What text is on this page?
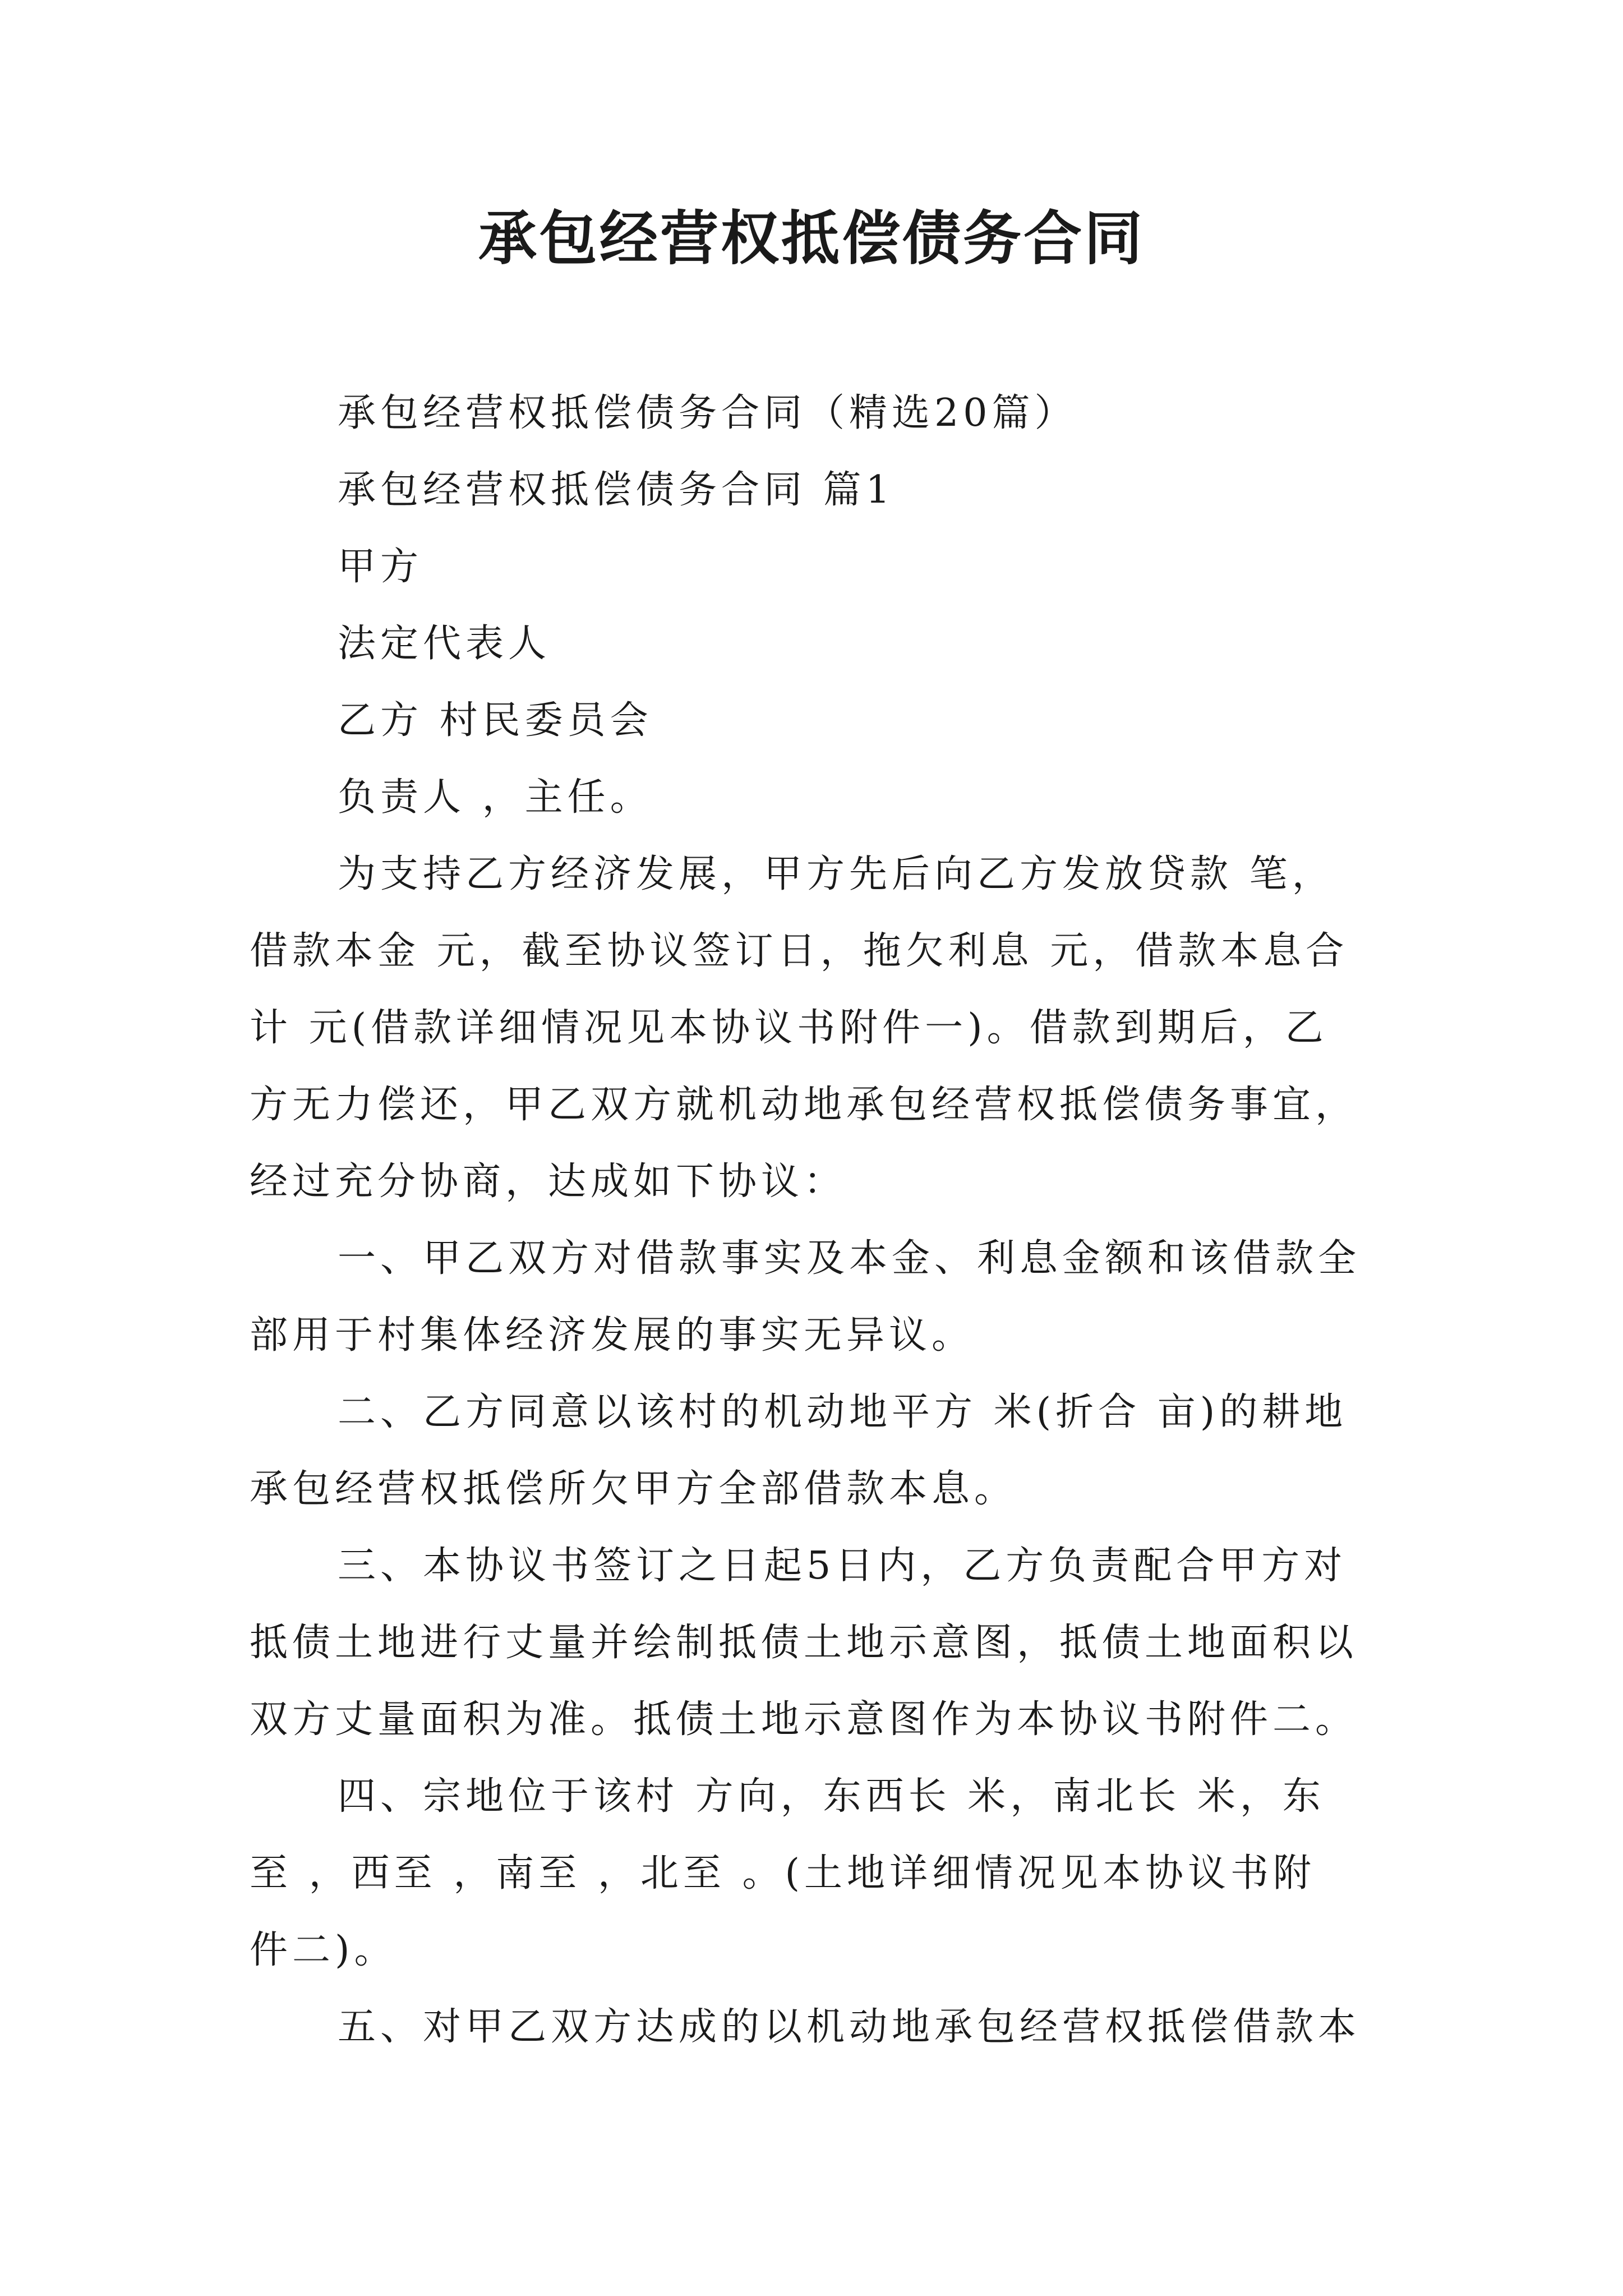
承包经营权抵偿债务合同
承包经营权抵偿债务合同（精选20篇）
承包经营权抵偿债务合同 篇1
甲方
法定代表人
乙方 村民委员会
负责人 ，主任。
为支持乙方经济发展，甲方先后向乙方发放贷款 笔，
借款本金 元，截至协议签订日，拖欠利息 元，借款本息合
计 元(借款详细情况见本协议书附件一)。借款到期后，乙
方无力偿还，甲乙双方就机动地承包经营权抵偿债务事宜，
经过充分协商，达成如下协议：
一、甲乙双方对借款事实及本金、利息金额和该借款全
部用于村集体经济发展的事实无异议。
二、乙方同意以该村的机动地平方 米(折合 亩)的耕地
承包经营权抵偿所欠甲方全部借款本息。
三、本协议书签订之日起5日内，乙方负责配合甲方对
抵债土地进行丈量并绘制抵债土地示意图，抵债土地面积以
双方丈量面积为准。抵债土地示意图作为本协议书附件二。
四、宗地位于该村 方向，东西长 米，南北长 米，东
至 ，西至 ，南至 ，北至 。(土地详细情况见本协议书附
件二)。
五、对甲乙双方达成的以机动地承包经营权抵偿借款本
